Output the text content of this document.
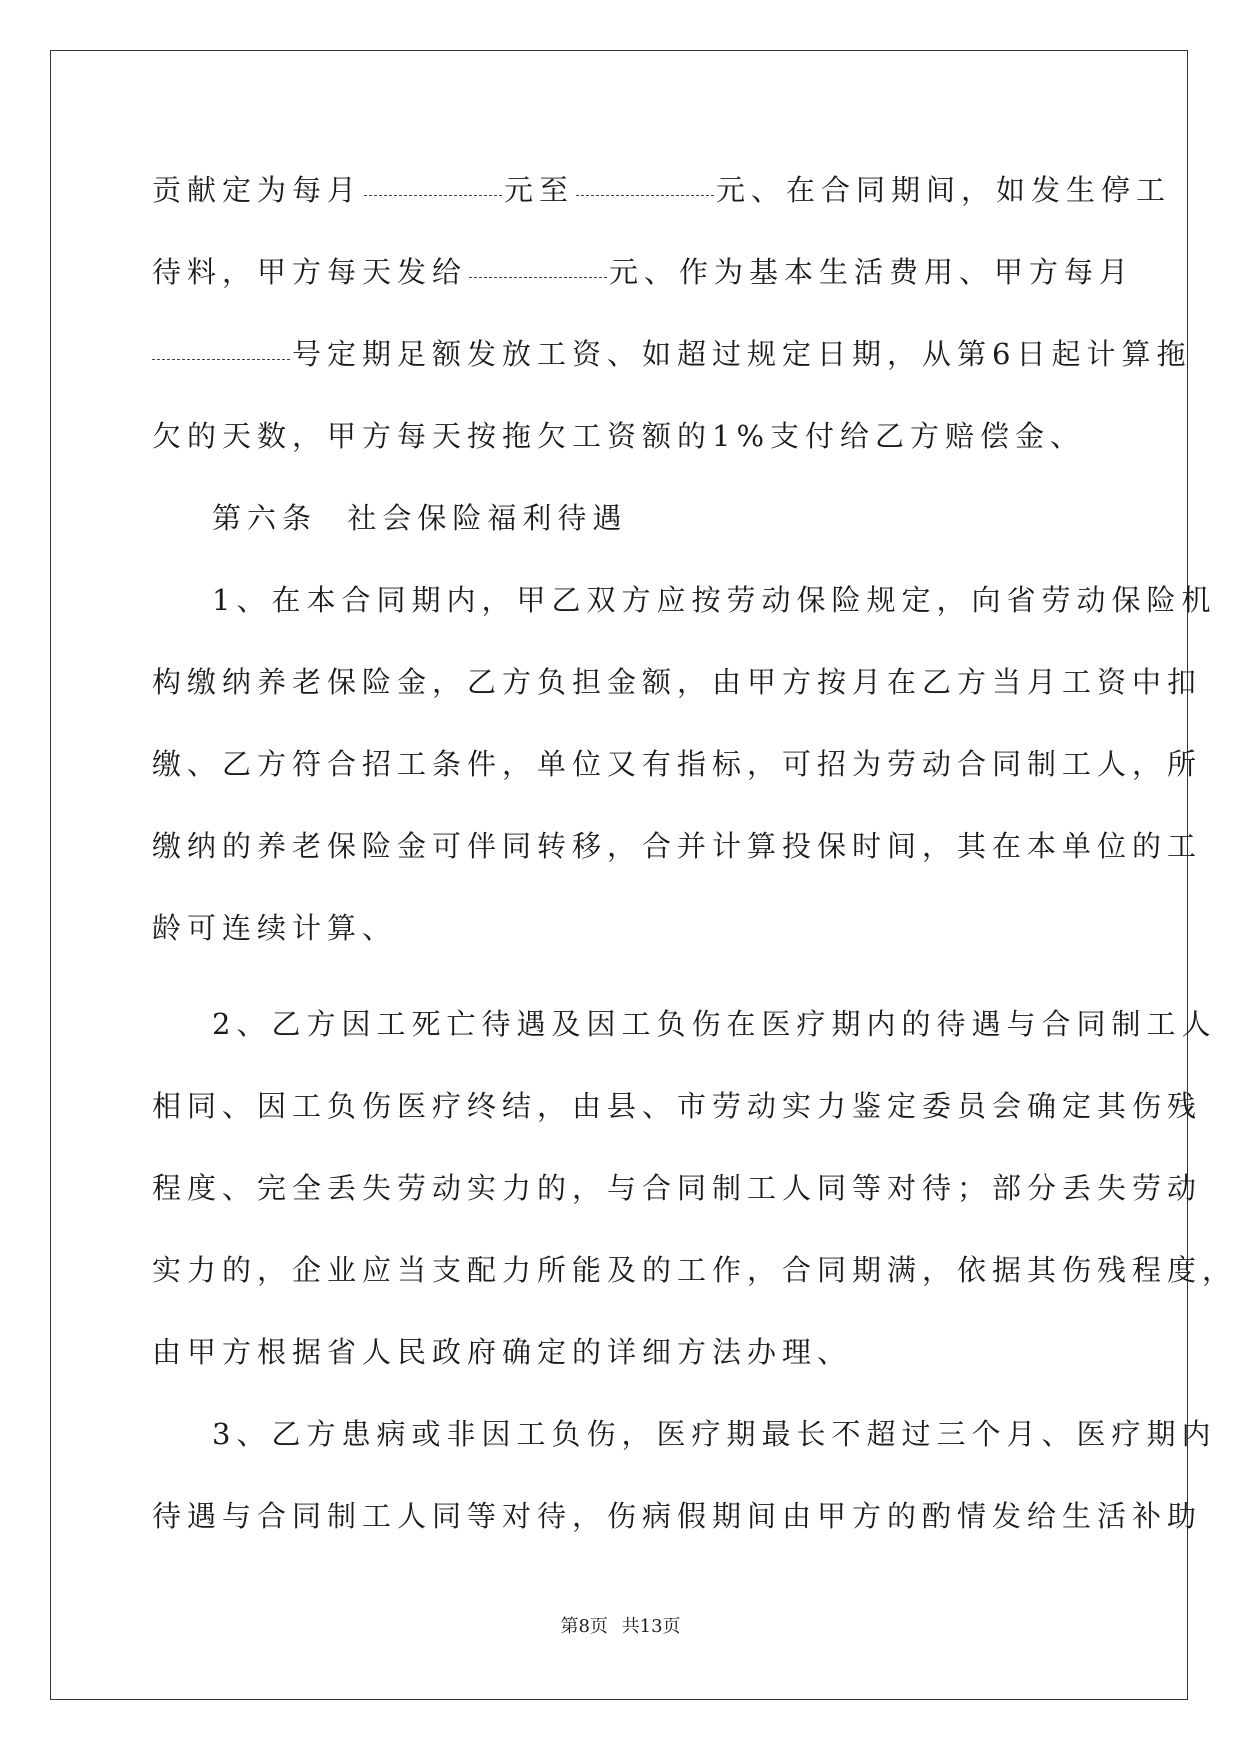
贡献定为每月	元至	元、在合同期间，如发生停工
待料，甲方每天发给	元、作为基本生活费用、甲方每月
号定期足额发放工资、如超过规定日期，从第6日起计算拖
欠的天数，甲方每天按拖欠工资额的1%支付给乙方赔偿金、
第六条  社会保险福利待遇
1、在本合同期内，甲乙双方应按劳动保险规定，向省劳动保险机
构缴纳养老保险金，乙方负担金额，由甲方按月在乙方当月工资中扣
缴、乙方符合招工条件，单位又有指标，可招为劳动合同制工人，所
缴纳的养老保险金可伴同转移，合并计算投保时间，其在本单位的工
龄可连续计算、
2、乙方因工死亡待遇及因工负伤在医疗期内的待遇与合同制工人
相同、因工负伤医疗终结，由县、市劳动实力鉴定委员会确定其伤残
程度、完全丢失劳动实力的，与合同制工人同等对待；部分丢失劳动
实力的，企业应当支配力所能及的工作，合同期满，依据其伤残程度，
由甲方根据省人民政府确定的详细方法办理、
3、乙方患病或非因工负伤，医疗期最长不超过三个月、医疗期内
待遇与合同制工人同等对待，伤病假期间由甲方的酌情发给生活补助
第8页 共13页
